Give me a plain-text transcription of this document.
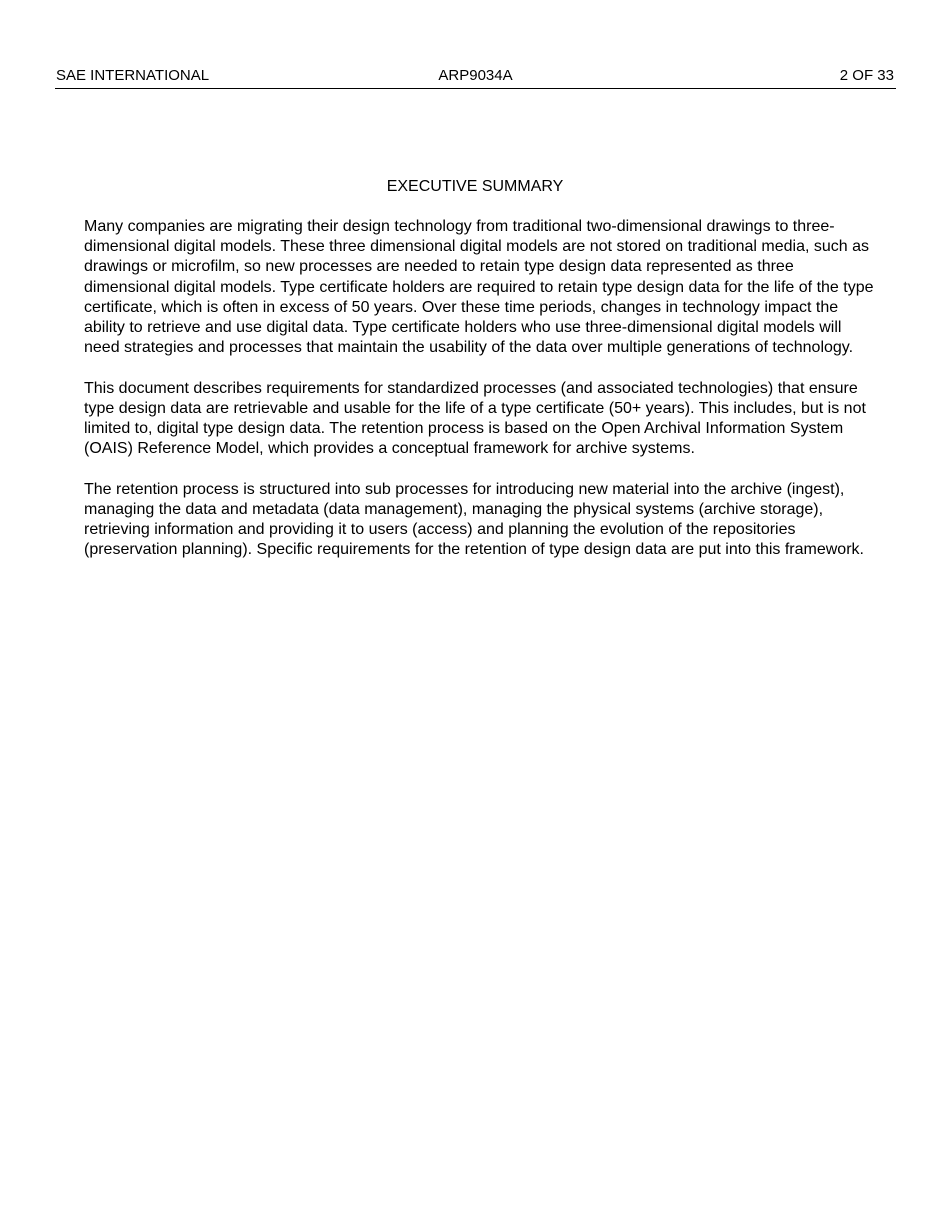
SAE INTERNATIONAL	ARP9034A	2 OF 33
EXECUTIVE SUMMARY

Many companies are migrating their design technology from traditional two-dimensional drawings to three-dimensional digital models. These three dimensional digital models are not stored on traditional media, such as drawings or microfilm, so new processes are needed to retain type design data represented as three dimensional digital models. Type certificate holders are required to retain type design data for the life of the type certificate, which is often in excess of 50 years. Over these time periods, changes in technology impact the ability to retrieve and use digital data. Type certificate holders who use three-dimensional digital models will need strategies and processes that maintain the usability of the data over multiple generations of technology.

This document describes requirements for standardized processes (and associated technologies) that ensure type design data are retrievable and usable for the life of a type certificate (50+ years). This includes, but is not limited to, digital type design data. The retention process is based on the Open Archival Information System (OAIS) Reference Model, which provides a conceptual framework for archive systems.

The retention process is structured into sub processes for introducing new material into the archive (ingest), managing the data and metadata (data management), managing the physical systems (archive storage), retrieving information and providing it to users (access) and planning the evolution of the repositories (preservation planning). Specific requirements for the retention of type design data are put into this framework.
